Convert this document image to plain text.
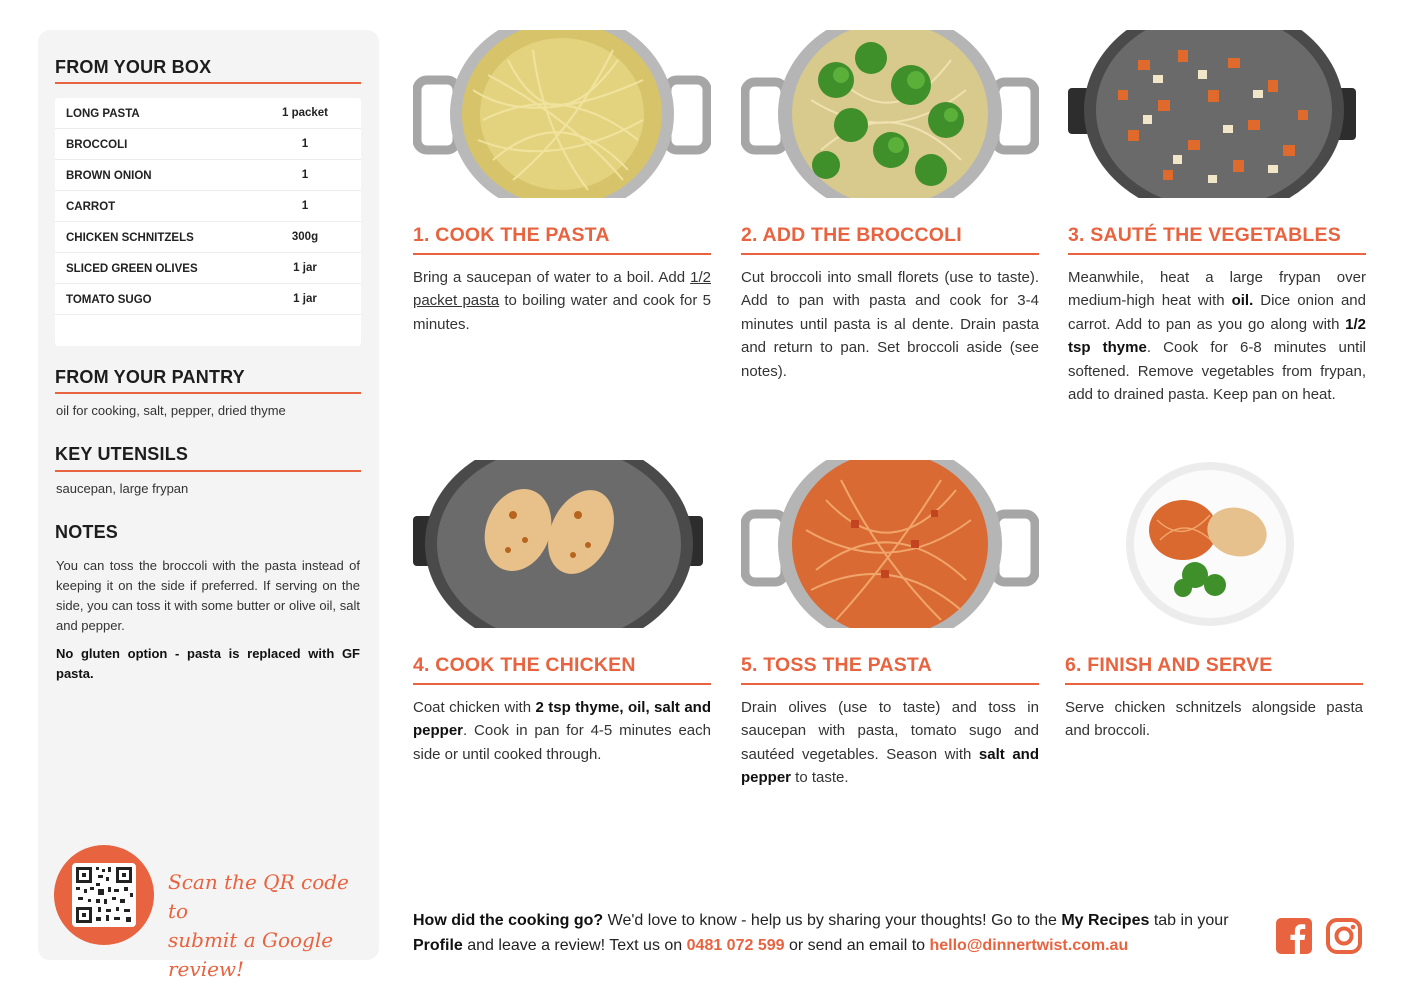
FROM YOUR BOX
LONG PASTA	1 packet
BROCCOLI	1
BROWN ONION	1
CARROT	1
CHICKEN SCHNITZELS	300g
SLICED GREEN OLIVES	1 jar
TOMATO SUGO	1 jar
FROM YOUR PANTRY
oil for cooking, salt, pepper, dried thyme
KEY UTENSILS
saucepan, large frypan
NOTES
You can toss the broccoli with the pasta instead of keeping it on the side if preferred. If serving on the side, you can toss it with some butter or olive oil, salt and pepper.
No gluten option - pasta is replaced with GF pasta.
Scan the QR code to
submit a Google review!
1. COOK THE PASTA
Bring a saucepan of water to a boil. Add 1/2 packet pasta to boiling water and cook for 5 minutes.
2. ADD THE BROCCOLI
Cut broccoli into small florets (use to taste). Add to pan with pasta and cook for 3-4 minutes until pasta is al dente. Drain pasta and return to pan. Set broccoli aside (see notes).
3. SAUTÉ THE VEGETABLES
Meanwhile, heat a large frypan over medium-high heat with oil. Dice onion and carrot. Add to pan as you go along with 1/2 tsp thyme. Cook for 6-8 minutes until softened. Remove vegetables from frypan, add to drained pasta. Keep pan on heat.
4. COOK THE CHICKEN
Coat chicken with 2 tsp thyme, oil, salt and pepper. Cook in pan for 4-5 minutes each side or until cooked through.
5. TOSS THE PASTA
Drain olives (use to taste) and toss in saucepan with pasta, tomato sugo and sautéed vegetables. Season with salt and pepper to taste.
6. FINISH AND SERVE
Serve chicken schnitzels alongside pasta and broccoli.
How did the cooking go? We'd love to know - help us by sharing your thoughts! Go to the My Recipes tab in your Profile and leave a review! Text us on 0481 072 599 or send an email to hello@dinnertwist.com.au
